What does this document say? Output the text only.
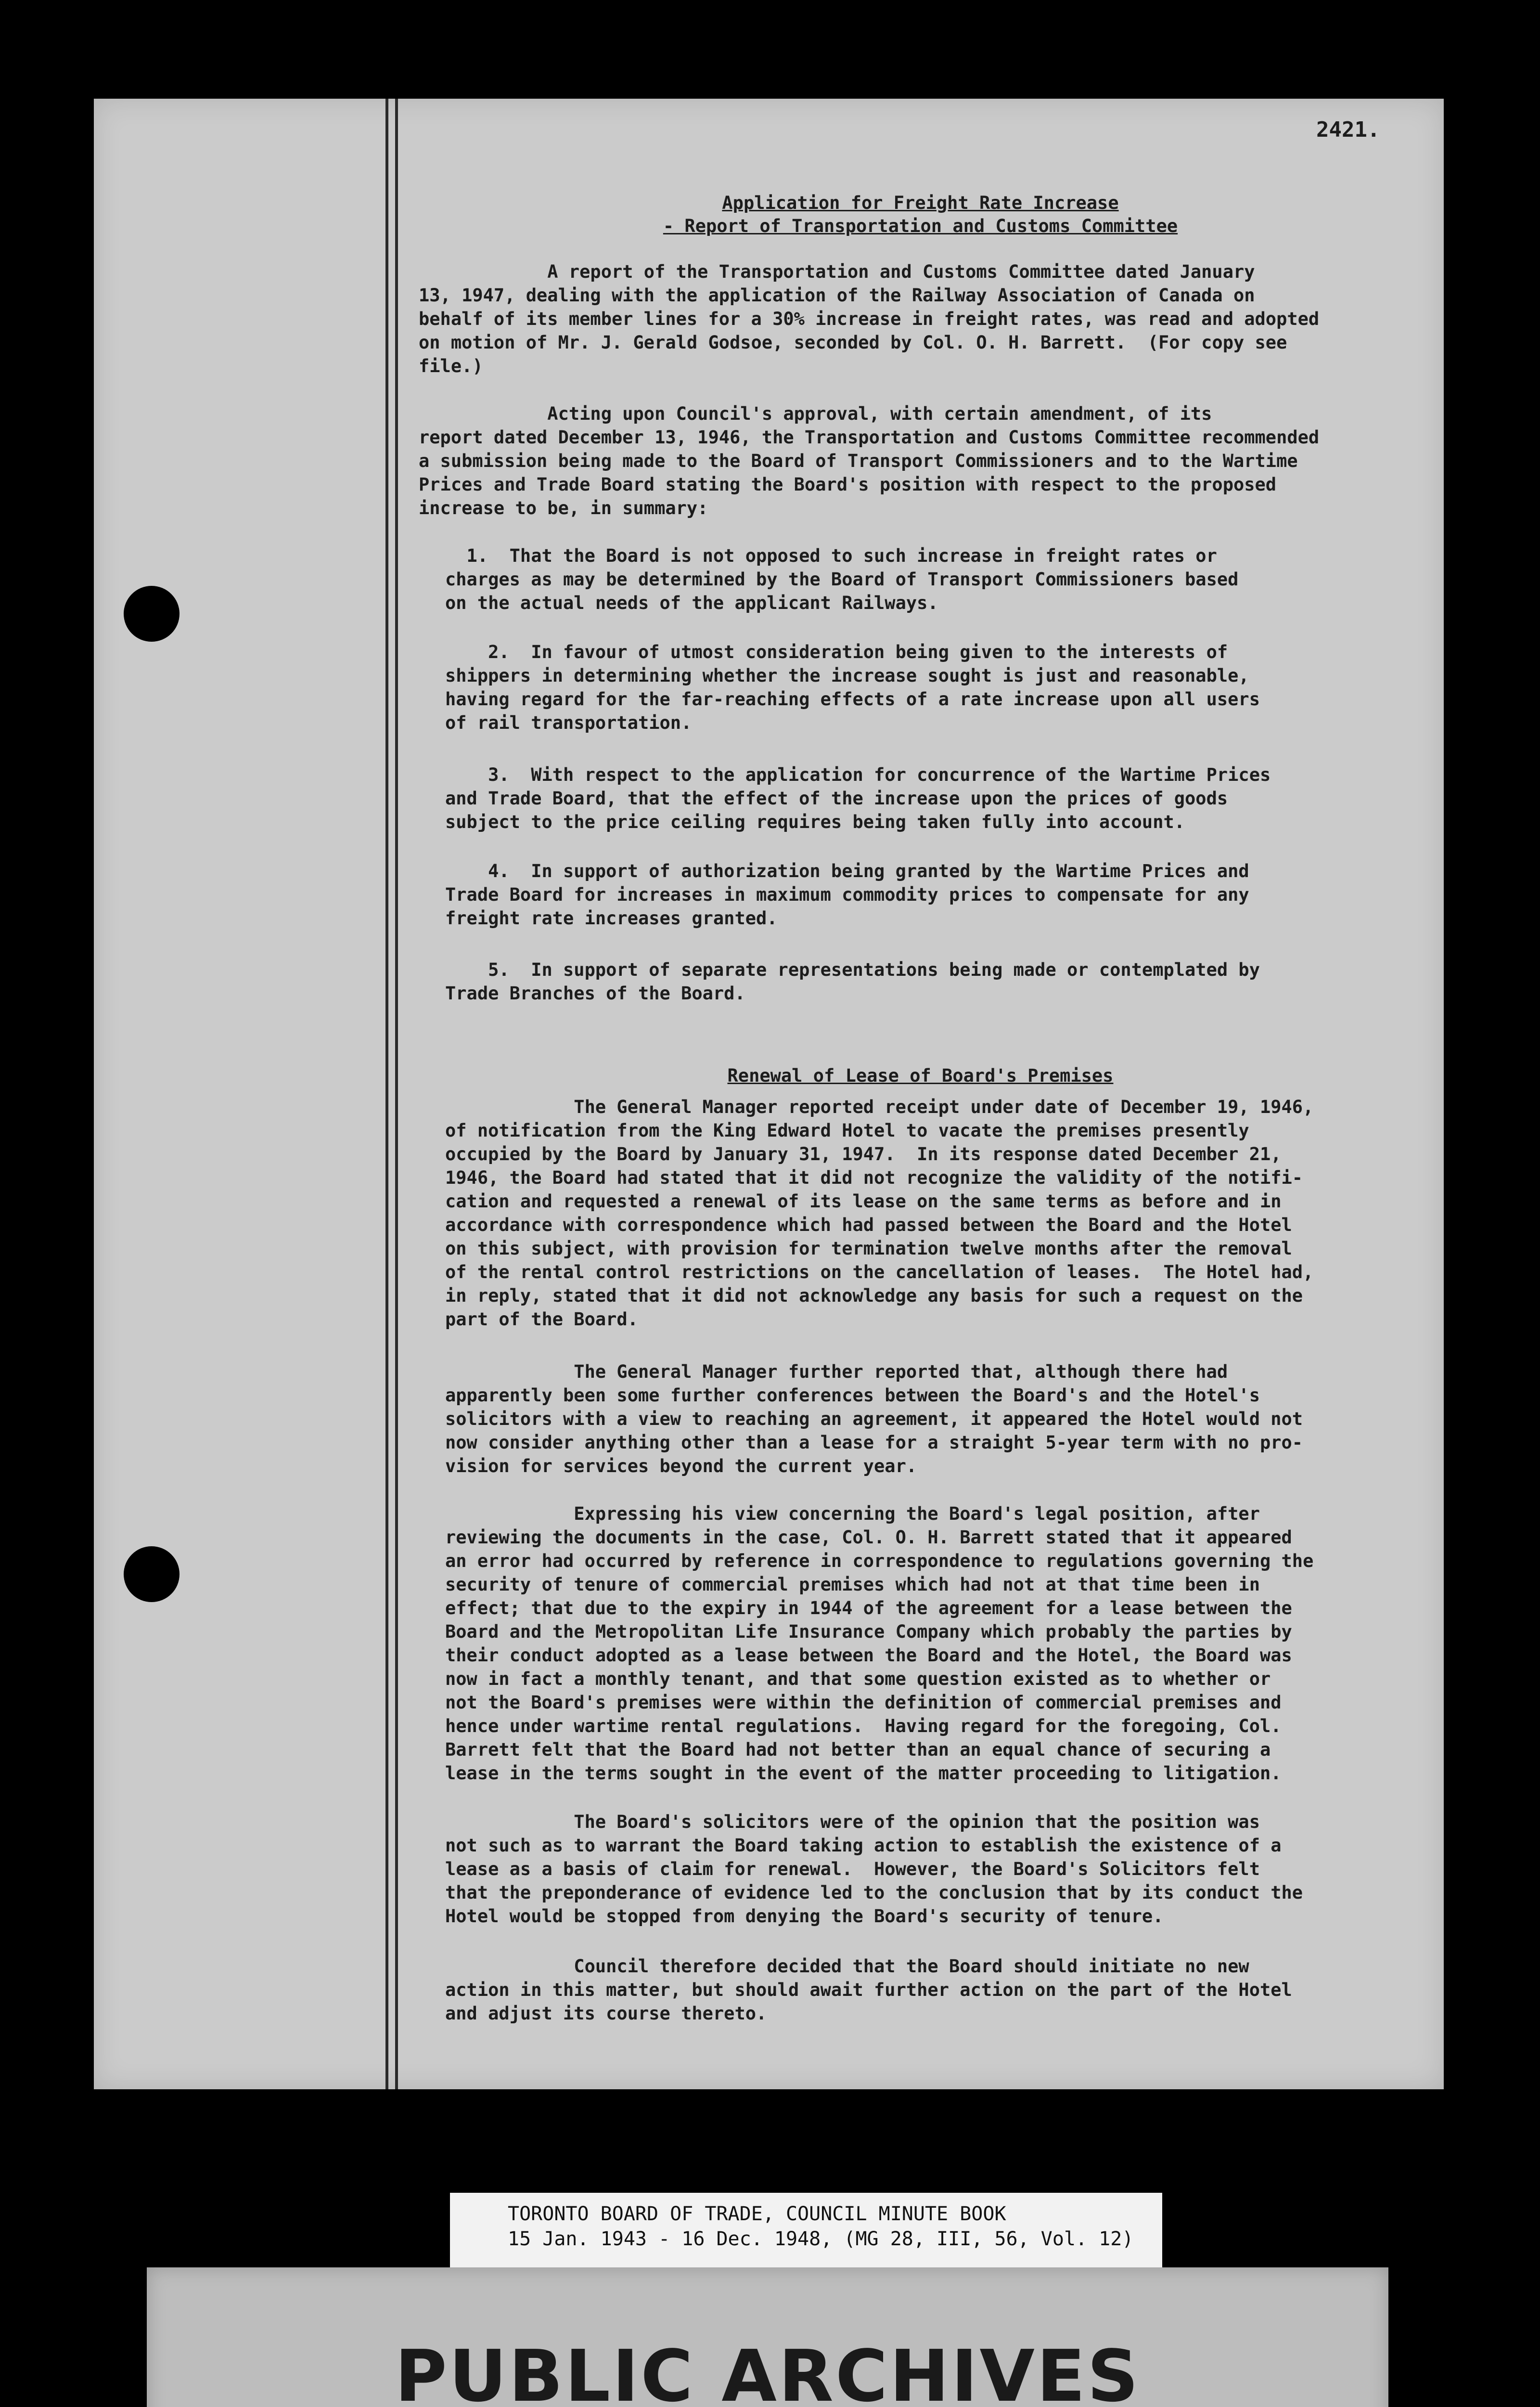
2421.
Application for Freight Rate Increase
- Report of Transportation and Customs Committee
A report of the Transportation and Customs Committee dated January
13, 1947, dealing with the application of the Railway Association of Canada on
behalf of its member lines for a 30% increase in freight rates, was read and adopted
on motion of Mr. J. Gerald Godsoe, seconded by Col. O. H. Barrett.  (For copy see
file.)
Acting upon Council's approval, with certain amendment, of its
report dated December 13, 1946, the Transportation and Customs Committee recommended
a submission being made to the Board of Transport Commissioners and to the Wartime
Prices and Trade Board stating the Board's position with respect to the proposed
increase to be, in summary:
1.  That the Board is not opposed to such increase in freight rates or
charges as may be determined by the Board of Transport Commissioners based
on the actual needs of the applicant Railways.
2.  In favour of utmost consideration being given to the interests of
shippers in determining whether the increase sought is just and reasonable,
having regard for the far-reaching effects of a rate increase upon all users
of rail transportation.
3.  With respect to the application for concurrence of the Wartime Prices
and Trade Board, that the effect of the increase upon the prices of goods
subject to the price ceiling requires being taken fully into account.
4.  In support of authorization being granted by the Wartime Prices and
Trade Board for increases in maximum commodity prices to compensate for any
freight rate increases granted.
5.  In support of separate representations being made or contemplated by
Trade Branches of the Board.
Renewal of Lease of Board's Premises
The General Manager reported receipt under date of December 19, 1946,
of notification from the King Edward Hotel to vacate the premises presently
occupied by the Board by January 31, 1947.  In its response dated December 21,
1946, the Board had stated that it did not recognize the validity of the notifi-
cation and requested a renewal of its lease on the same terms as before and in
accordance with correspondence which had passed between the Board and the Hotel
on this subject, with provision for termination twelve months after the removal
of the rental control restrictions on the cancellation of leases.  The Hotel had,
in reply, stated that it did not acknowledge any basis for such a request on the
part of the Board.
The General Manager further reported that, although there had
apparently been some further conferences between the Board's and the Hotel's
solicitors with a view to reaching an agreement, it appeared the Hotel would not
now consider anything other than a lease for a straight 5-year term with no pro-
vision for services beyond the current year.
Expressing his view concerning the Board's legal position, after
reviewing the documents in the case, Col. O. H. Barrett stated that it appeared
an error had occurred by reference in correspondence to regulations governing the
security of tenure of commercial premises which had not at that time been in
effect; that due to the expiry in 1944 of the agreement for a lease between the
Board and the Metropolitan Life Insurance Company which probably the parties by
their conduct adopted as a lease between the Board and the Hotel, the Board was
now in fact a monthly tenant, and that some question existed as to whether or
not the Board's premises were within the definition of commercial premises and
hence under wartime rental regulations.  Having regard for the foregoing, Col.
Barrett felt that the Board had not better than an equal chance of securing a
lease in the terms sought in the event of the matter proceeding to litigation.
The Board's solicitors were of the opinion that the position was
not such as to warrant the Board taking action to establish the existence of a
lease as a basis of claim for renewal.  However, the Board's Solicitors felt
that the preponderance of evidence led to the conclusion that by its conduct the
Hotel would be stopped from denying the Board's security of tenure.
Council therefore decided that the Board should initiate no new
action in this matter, but should await further action on the part of the Hotel
and adjust its course thereto.
TORONTO BOARD OF TRADE, COUNCIL MINUTE BOOK
15 Jan. 1943 - 16 Dec. 1948, (MG 28, III, 56, Vol. 12)
PUBLIC ARCHIVES
